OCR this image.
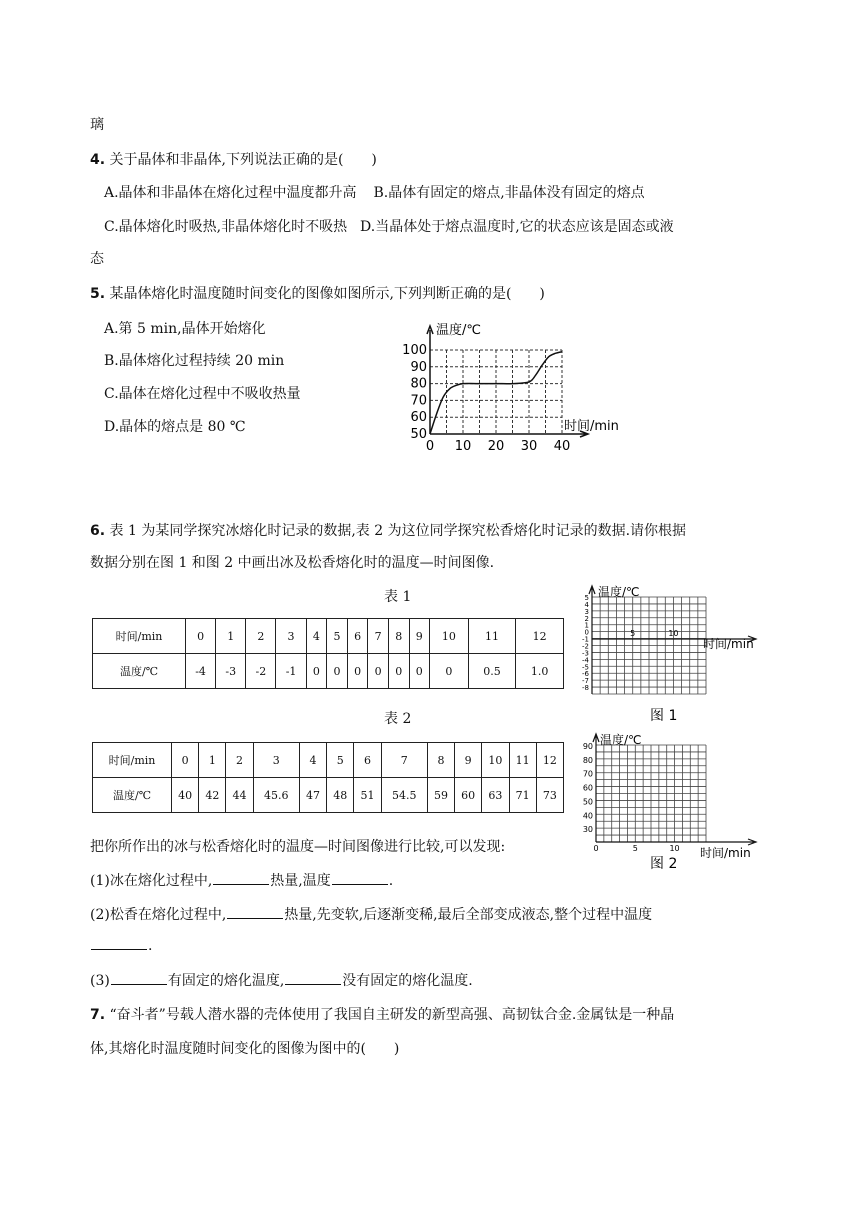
璃
4. 关于晶体和非晶体,下列说法正确的是(　　)
A.晶体和非晶体在熔化过程中温度都升高 B.晶体有固定的熔点,非晶体没有固定的熔点
C.晶体熔化时吸热,非晶体熔化时不吸热 D.当晶体处于熔点温度时,它的状态应该是固态或液
态
5. 某晶体熔化时温度随时间变化的图像如图所示,下列判断正确的是(　　)
A.第 5 min,晶体开始熔化
B.晶体熔化过程持续 20 min
C.晶体在熔化过程中不吸收热量
D.晶体的熔点是 80 ℃
温度/℃
时间/min
0 10 20 30 40
50
60
70
80
90
100
6. 表 1 为某同学探究冰熔化时记录的数据,表 2 为这位同学探究松香熔化时记录的数据.请你根据
数据分别在图 1 和图 2 中画出冰及松香熔化时的温度—时间图像.
表 1
时间/min	0	1	2	3	4	5	6	7	8	9	10	11	12
温度/℃	-4	-3	-2	-1	0	0	0	0	0	0	0	0.5	1.0
表 2
时间/min	0	1	2	3	4	5	6	7	8	9	10	11	12
温度/℃	40	42	44	45.6	47	48	51	54.5	59	60	63	71	73
5
4
3
2
1
0
-1
-2
-3
-4
-5
-6
-7
-8
5	10
温度/℃
时间/min
图 1
90
80
70
60
50
40
30
0	5	10
温度/℃
时间/min
图 2
把你所作出的冰与松香熔化时的温度—时间图像进行比较,可以发现:
(1)冰在熔化过程中,	热量,温度	.
(2)松香在熔化过程中,	热量,先变软,后逐渐变稀,最后全部变成液态,整个过程中温度
.
(3)	有固定的熔化温度,	没有固定的熔化温度.
7. “奋斗者”号载人潜水器的壳体使用了我国自主研发的新型高强、高韧钛合金.金属钛是一种晶
体,其熔化时温度随时间变化的图像为图中的(　　)
